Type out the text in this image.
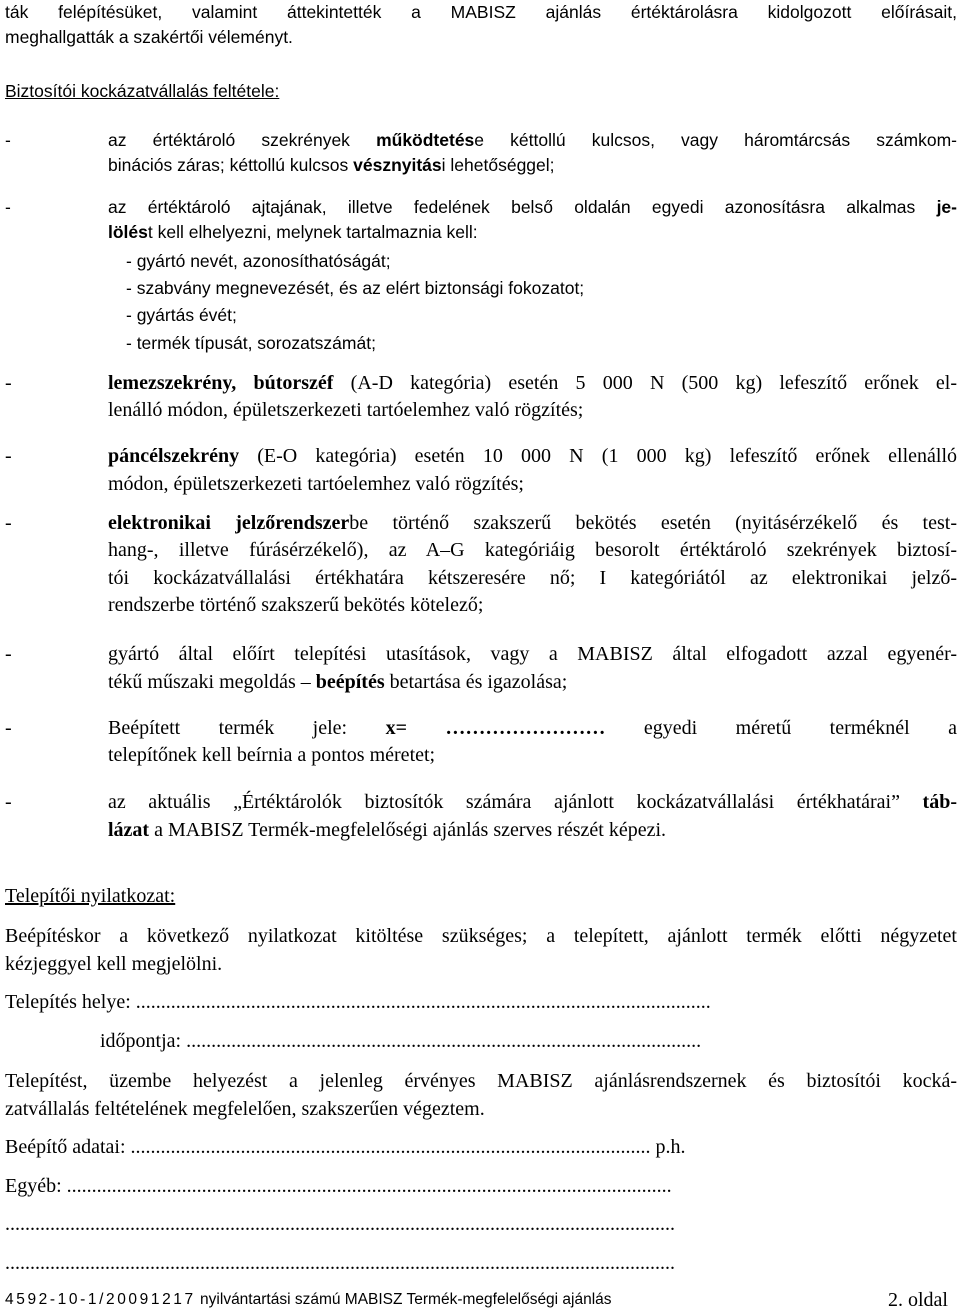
ták felépítésüket, valamint áttekintették a MABISZ ajánlás értéktárolásra kidolgozott előírásait,
meghallgatták a szakértői véleményt.
Biztosítói kockázatvállalás feltétele:
-	az értéktároló szekrények működtetése kéttollú kulcsos, vagy háromtárcsás számkom-
binációs záras; kéttollú kulcsos vésznyitási lehetőséggel;
-	az értéktároló ajtajának, illetve fedelének belső oldalán egyedi azonosításra alkalmas je-
lölést kell elhelyezni, melynek tartalmaznia kell:
- gyártó nevét, azonosíthatóságát;
- szabvány megnevezését, és az elért biztonsági fokozatot;
- gyártás évét;
- termék típusát, sorozatszámát;
-	lemezszekrény, bútorszéf (A-D kategória) esetén 5 000 N (500 kg) lefeszítő erőnek el-
lenálló módon, épületszerkezeti tartóelemhez való rögzítés;
-	páncélszekrény (E-O kategória) esetén 10 000 N (1 000 kg) lefeszítő erőnek ellenálló
módon, épületszerkezeti tartóelemhez való rögzítés;
-	elektronikai jelzőrendszerbe történő szakszerű bekötés esetén (nyitásérzékelő és test-
hang-, illetve fúrásérzékelő), az A–G kategóriáig besorolt értéktároló szekrények biztosí-
tói kockázatvállalási értékhatára kétszeresére nő; I kategóriától az elektronikai jelző-
rendszerbe történő szakszerű bekötés kötelező;
-	gyártó által előírt telepítési utasítások, vagy a MABISZ által elfogadott azzal egyenér-
tékű műszaki megoldás – beépítés betartása és igazolása;
-	Beépített termék jele: x= …………………… egyedi méretű terméknél a
telepítőnek kell beírnia a pontos méretet;
-	az aktuális „Értéktárolók biztosítók számára ajánlott kockázatvállalási értékhatárai” táb-
lázat a MABISZ Termék-megfelelőségi ajánlás szerves részét képezi.
Telepítői nyilatkozat:
Beépítéskor a következő nyilatkozat kitöltése szükséges; a telepített, ajánlott termék előtti négyzetet
kézjeggyel kell megjelölni.
Telepítés helye: ...................................................................................................................
időpontja: .......................................................................................................
Telepítést, üzembe helyezést a jelenleg érvényes MABISZ ajánlásrendszernek és biztosítói kocká-
zatvállalás feltételének megfelelően, szakszerűen végeztem.
Beépítő adatai: ........................................................................................................ p.h.
Egyéb: .........................................................................................................................
......................................................................................................................................
......................................................................................................................................
4592-10-1/20091217 nyilvántartási számú MABISZ Termék-megfelelőségi ajánlás	2. oldal
